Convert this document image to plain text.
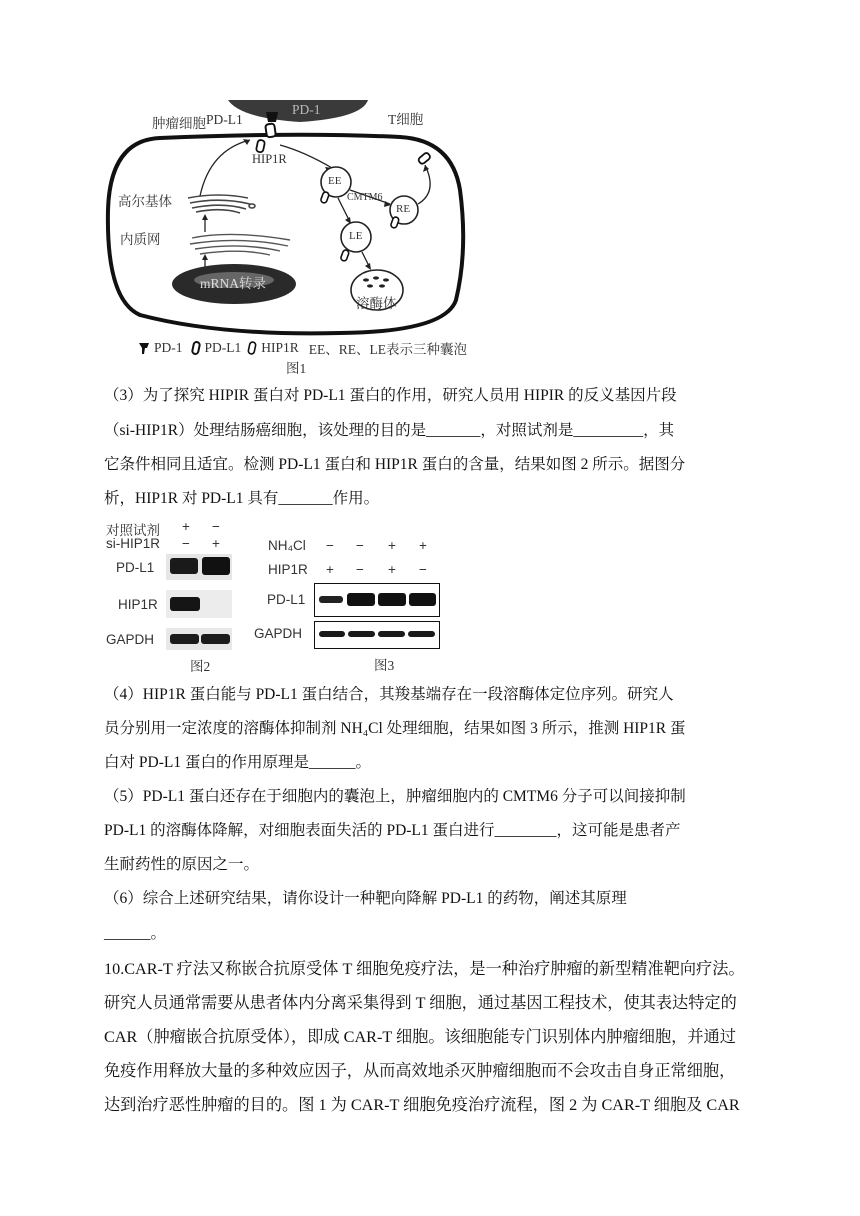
肿瘤细胞 PD-L1
PD-1
T细胞
HIP1R
高尔基体
内质网
mRNA转录
EE
CMTM6
RE
LE
溶酶体
PD-1 PD-L1 HIP1R EE、RE、LE表示三种囊泡
图1
（3）为了探究 HIPIR 蛋白对 PD-L1 蛋白的作用，研究人员用 HIPIR 的反义基因片段
（si-HIP1R）处理结肠癌细胞，该处理的目的是_______，对照试剂是_________，其
它条件相同且适宜。检测 PD-L1 蛋白和 HIP1R 蛋白的含量，结果如图 2 所示。据图分
析，HIP1R 对 PD-L1 具有_______作用。
对照试剂 + −
si-HIP1R − +
PD-L1
HIP1R
GAPDH
图2
NH₄Cl − − + +
HIP1R + − + −
PD-L1
GAPDH
图3
（4）HIP1R 蛋白能与 PD-L1 蛋白结合，其羧基端存在一段溶酶体定位序列。研究人
员分别用一定浓度的溶酶体抑制剂 NH₄Cl 处理细胞，结果如图 3 所示，推测 HIP1R 蛋
白对 PD-L1 蛋白的作用原理是______。
（5）PD-L1 蛋白还存在于细胞内的囊泡上，肿瘤细胞内的 CMTM6 分子可以间接抑制
PD-L1 的溶酶体降解，对细胞表面失活的 PD-L1 蛋白进行________，这可能是患者产
生耐药性的原因之一。
（6）综合上述研究结果，请你设计一种靶向降解 PD-L1 的药物，阐述其原理
______。
10.CAR-T 疗法又称嵌合抗原受体 T 细胞免疫疗法，是一种治疗肿瘤的新型精准靶向疗法。
研究人员通常需要从患者体内分离采集得到 T 细胞，通过基因工程技术，使其表达特定的
CAR（肿瘤嵌合抗原受体），即成 CAR-T 细胞。该细胞能专门识别体内肿瘤细胞，并通过
免疫作用释放大量的多种效应因子，从而高效地杀灭肿瘤细胞而不会攻击自身正常细胞，
达到治疗恶性肿瘤的目的。图 1 为 CAR-T 细胞免疫治疗流程，图 2 为 CAR-T 细胞及 CAR
